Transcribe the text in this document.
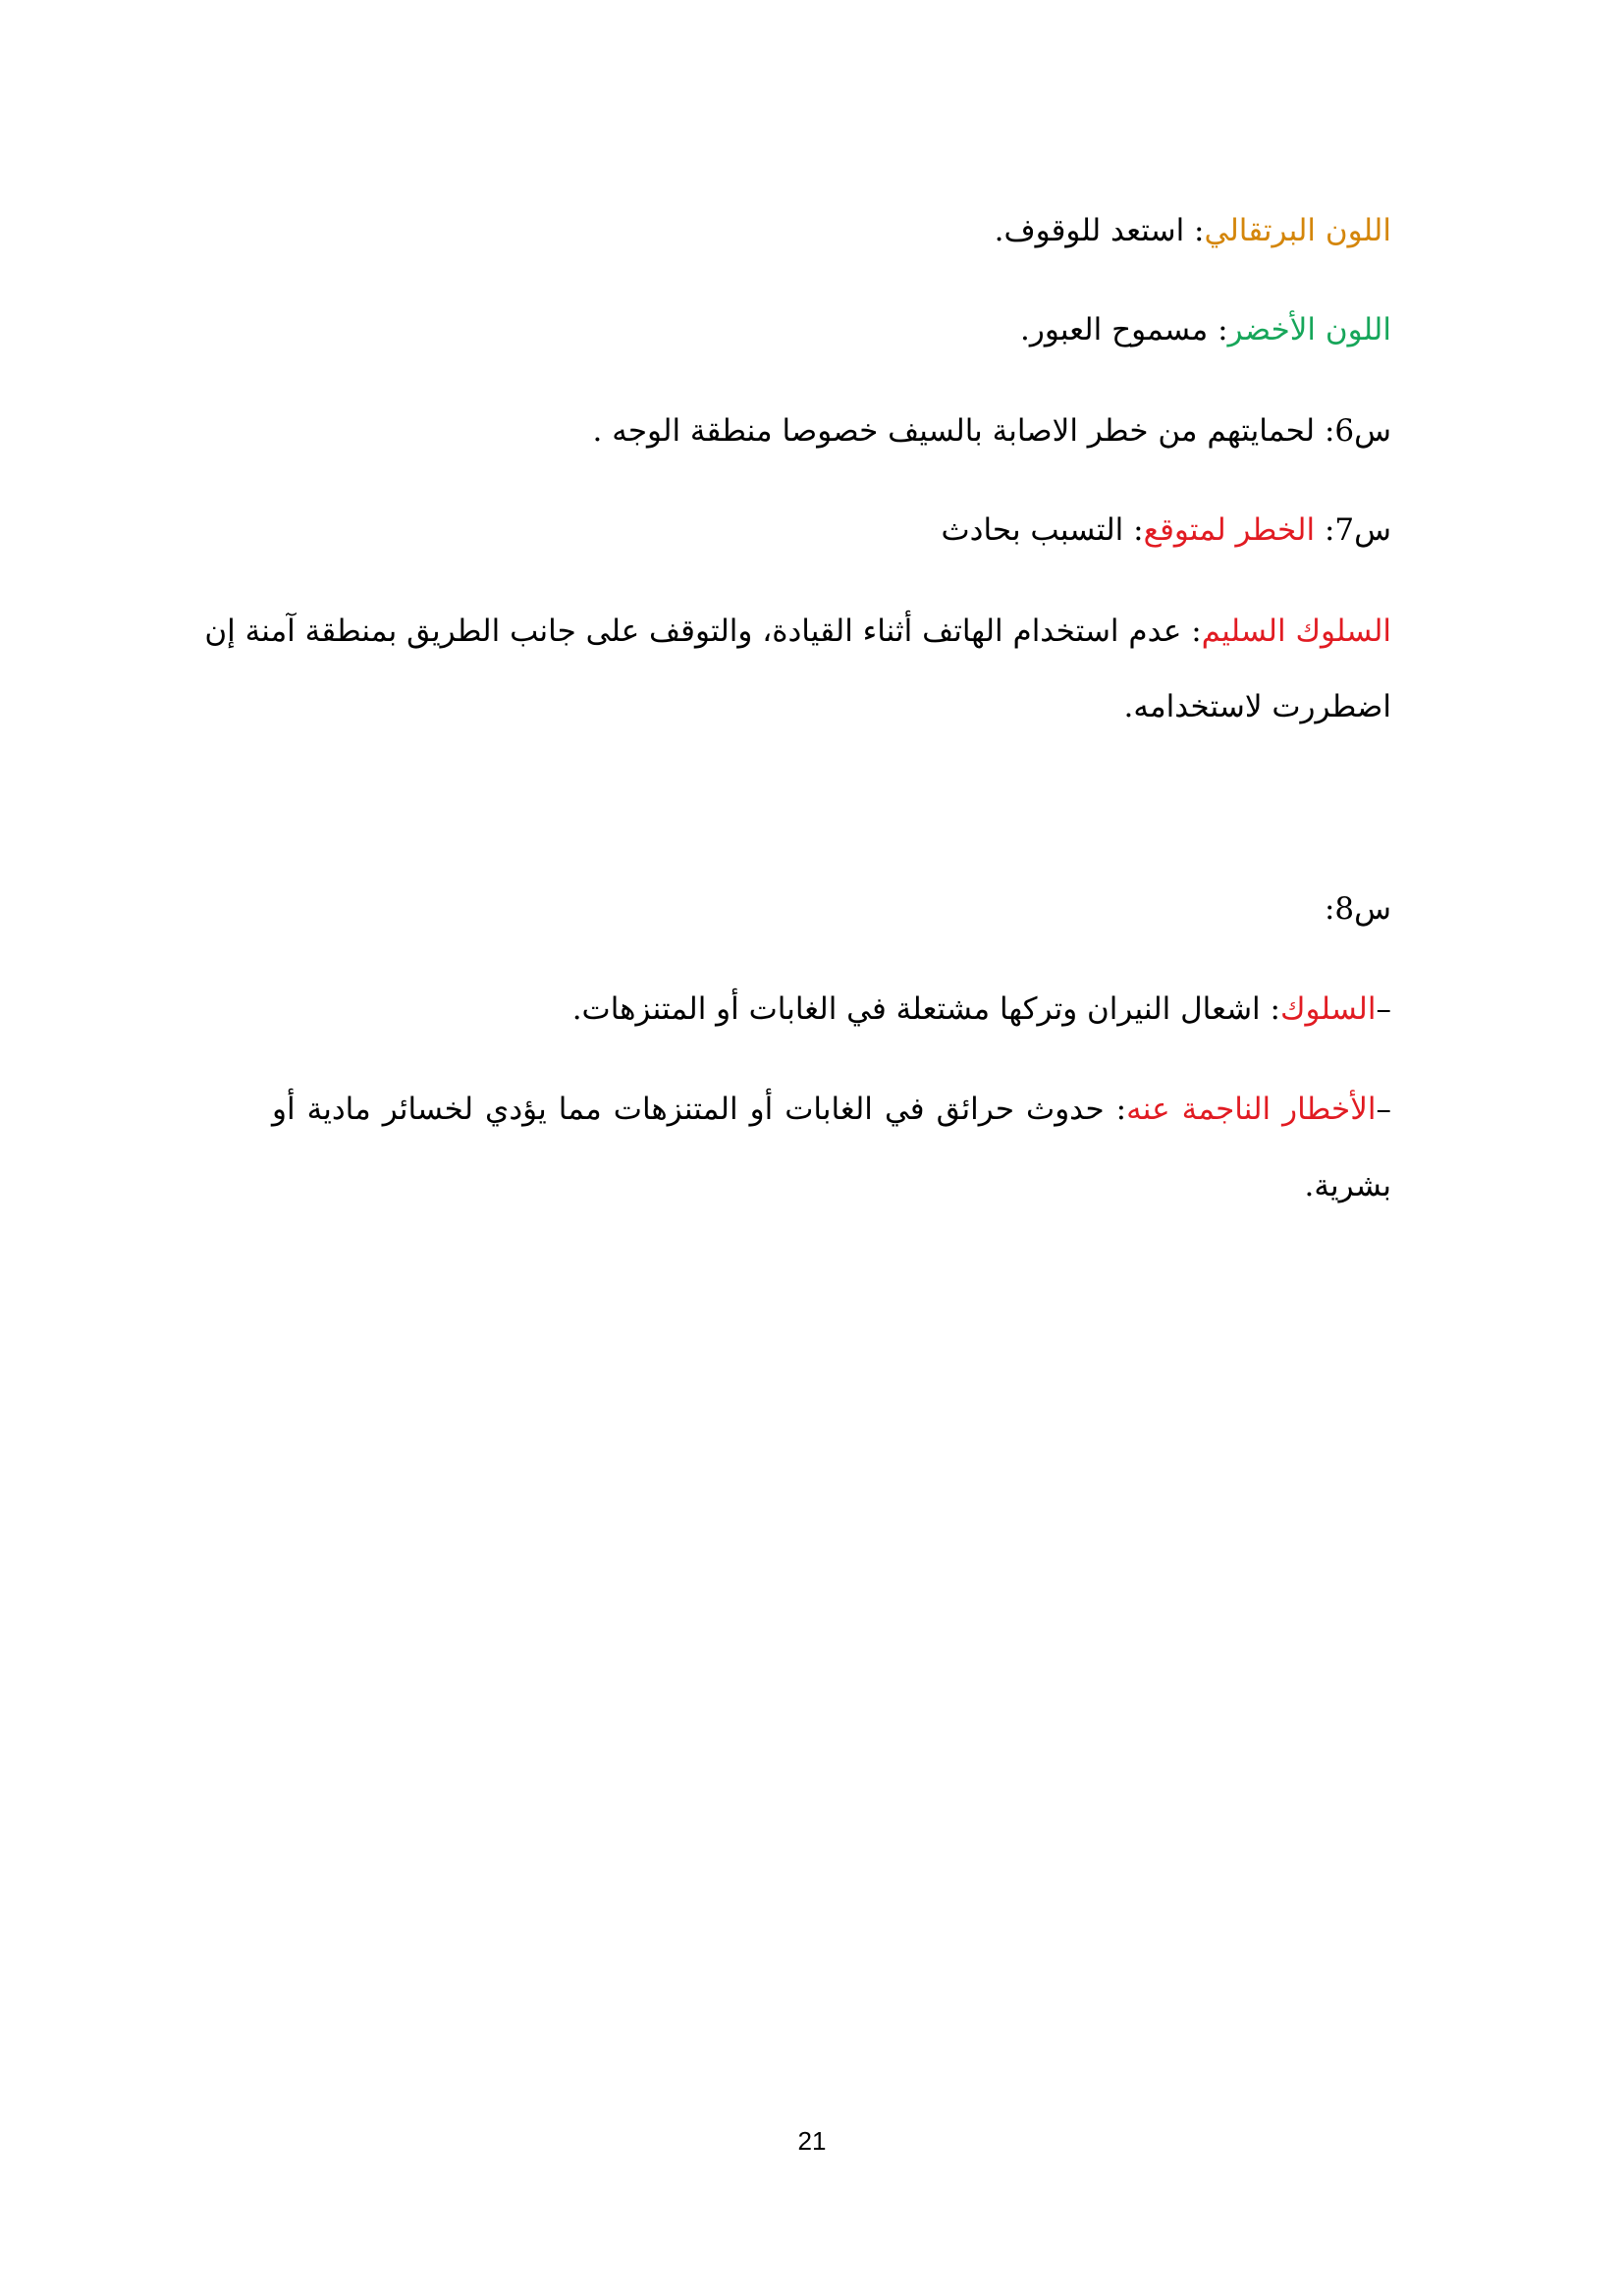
اللون البرتقالي: استعد للوقوف.
اللون الأخضر: مسموح العبور.
س6: لحمايتهم من خطر الاصابة بالسيف خصوصا منطقة الوجه .
س7: الخطر لمتوقع: التسبب بحادث
السلوك السليم: عدم استخدام الهاتف أثناء القيادة، والتوقف على جانب الطريق بمنطقة آمنة إن
اضطررت لاستخدامه.
س8:
–السلوك: اشعال النيران وتركها مشتعلة في الغابات أو المتنزهات.
–الأخطار الناجمة عنه: حدوث حرائق في الغابات أو المتنزهات مما يؤدي لخسائر مادية أو
بشرية.
21
